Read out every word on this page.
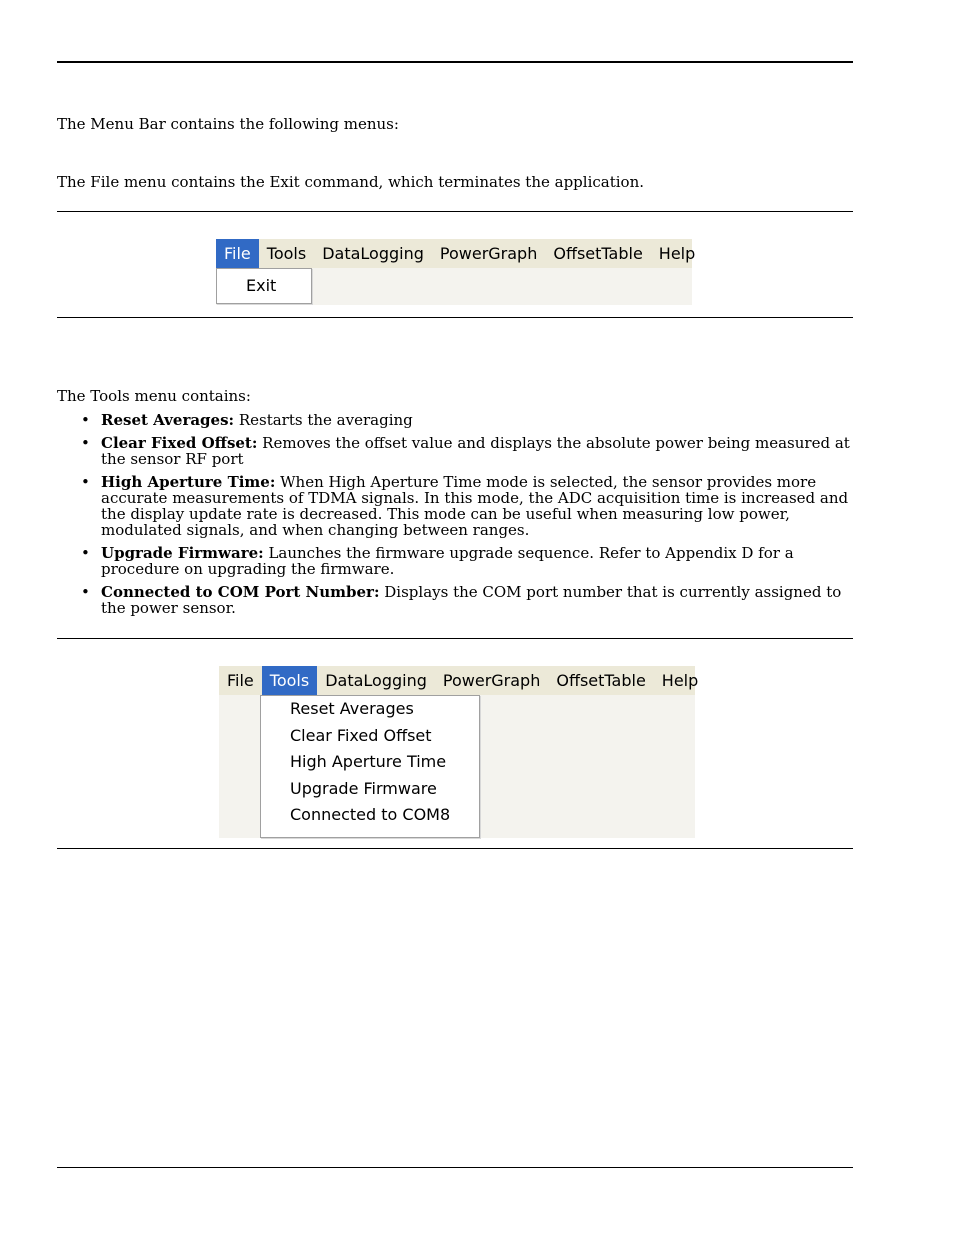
The Menu Bar contains the following menus:

The File menu contains the Exit command, which terminates the application.

File	Tools	DataLogging	PowerGraph	OffsetTable	Help
Exit

The Tools menu contains:

• Reset Averages: Restarts the averaging
• Clear Fixed Offset: Removes the offset value and displays the absolute power being measured at the sensor RF port
• High Aperture Time: When High Aperture Time mode is selected, the sensor provides more accurate measurements of TDMA signals. In this mode, the ADC acquisition time is increased and the display update rate is decreased. This mode can be useful when measuring low power, modulated signals, and when changing between ranges.
• Upgrade Firmware: Launches the firmware upgrade sequence. Refer to Appendix D for a procedure on upgrading the firmware.
• Connected to COM Port Number: Displays the COM port number that is currently assigned to the power sensor.
File	Tools	DataLogging	PowerGraph	OffsetTable	Help
Reset Averages
Clear Fixed Offset
High Aperture Time
Upgrade Firmware
Connected to COM8
